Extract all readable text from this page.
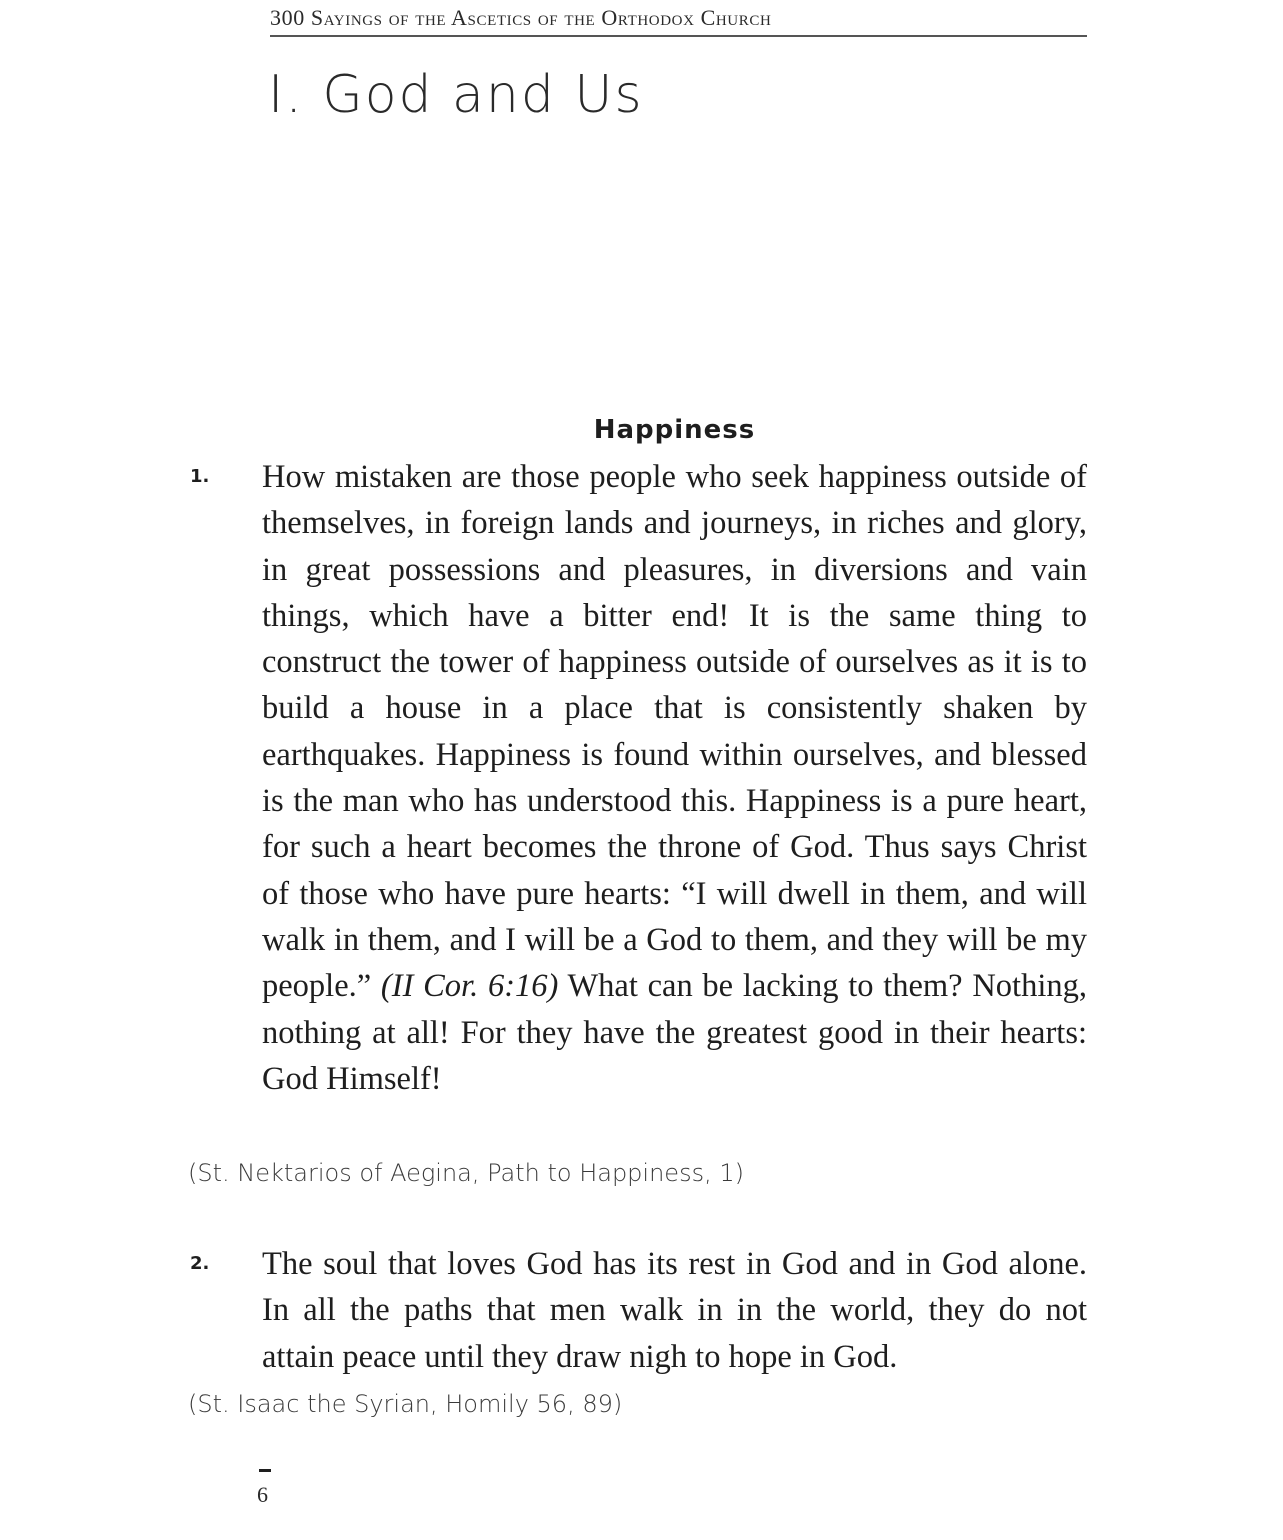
300 Sayings of the Ascetics of the Orthodox Church
I. God and Us
Happiness
1. How mistaken are those people who seek happiness outside of themselves, in foreign lands and journeys, in riches and glory, in great possessions and pleasures, in diversions and vain things, which have a bitter end! It is the same thing to construct the tower of happiness outside of ourselves as it is to build a house in a place that is consistently shaken by earthquakes. Happiness is found within ourselves, and blessed is the man who has understood this. Happiness is a pure heart, for such a heart becomes the throne of God. Thus says Christ of those who have pure hearts: “I will dwell in them, and will walk in them, and I will be a God to them, and they will be my people.” (II Cor. 6:16) What can be lacking to them? Nothing, nothing at all! For they have the greatest good in their hearts: God Himself!

(St. Nektarios of Aegina, Path to Happiness, 1)
2. The soul that loves God has its rest in God and in God alone. In all the paths that men walk in in the world, they do not attain peace until they draw nigh to hope in God.

(St. Isaac the Syrian, Homily 56, 89)
6
